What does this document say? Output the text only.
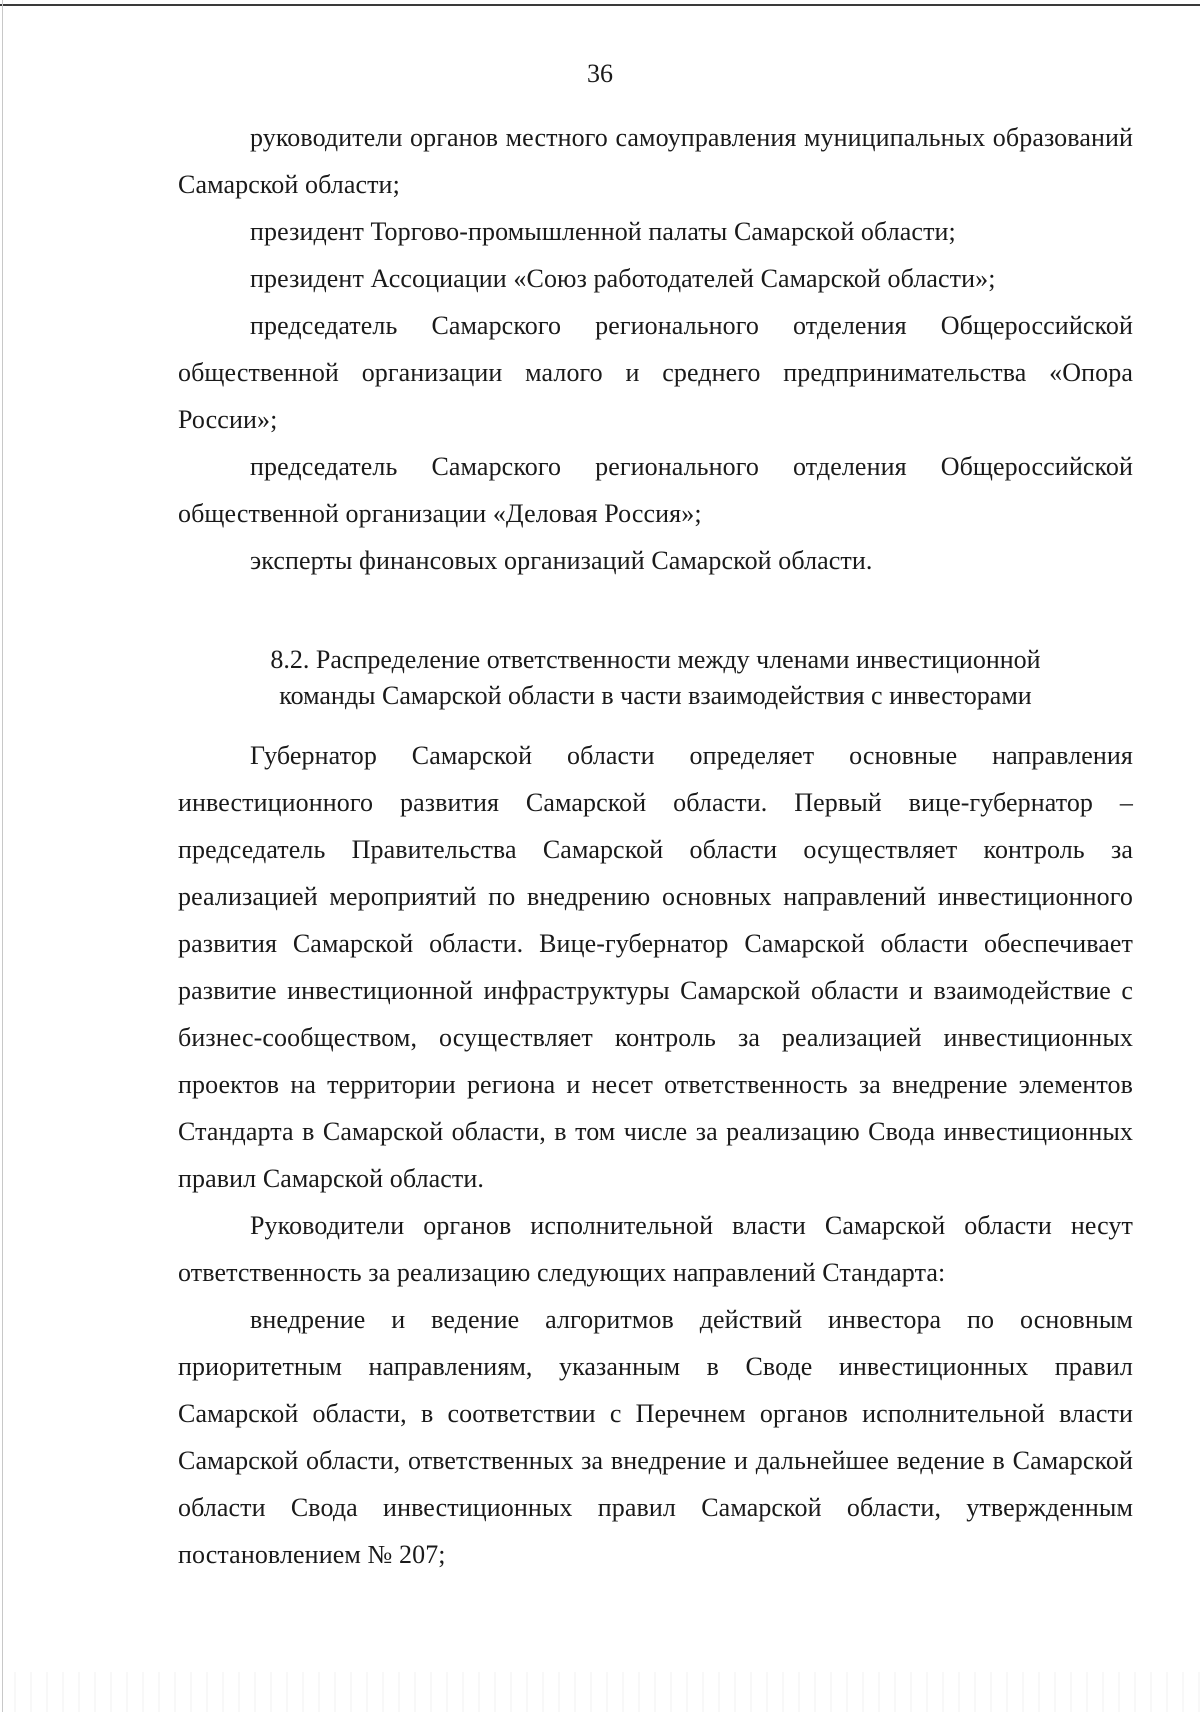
36

руководители органов местного самоуправления муниципальных образований Самарской области;

президент Торгово-промышленной палаты Самарской области;

президент Ассоциации «Союз работодателей Самарской области»;

председатель Самарского регионального отделения Общероссийской общественной организации малого и среднего предпринимательства «Опора России»;

председатель Самарского регионального отделения Общероссийской общественной организации «Деловая Россия»;

эксперты финансовых организаций Самарской области.

8.2. Распределение ответственности между членами инвестиционной
команды Самарской области в части взаимодействия с инвесторами

Губернатор Самарской области определяет основные направления инвестиционного развития Самарской области. Первый вице-губернатор – председатель Правительства Самарской области осуществляет контроль за реализацией мероприятий по внедрению основных направлений инвестиционного развития Самарской области. Вице-губернатор Самарской области обеспечивает развитие инвестиционной инфраструктуры Самарской области и взаимодействие с бизнес-сообществом, осуществляет контроль за реализацией инвестиционных проектов на территории региона и несет ответственность за внедрение элементов Стандарта в Самарской области, в том числе за реализацию Свода инвестиционных правил Самарской области.

Руководители органов исполнительной власти Самарской области несут ответственность за реализацию следующих направлений Стандарта:

внедрение и ведение алгоритмов действий инвестора по основным приоритетным направлениям, указанным в Своде инвестиционных правил Самарской области, в соответствии с Перечнем органов исполнительной власти Самарской области, ответственных за внедрение и дальнейшее ведение в Самарской области Свода инвестиционных правил Самарской области, утвержденным постановлением № 207;
